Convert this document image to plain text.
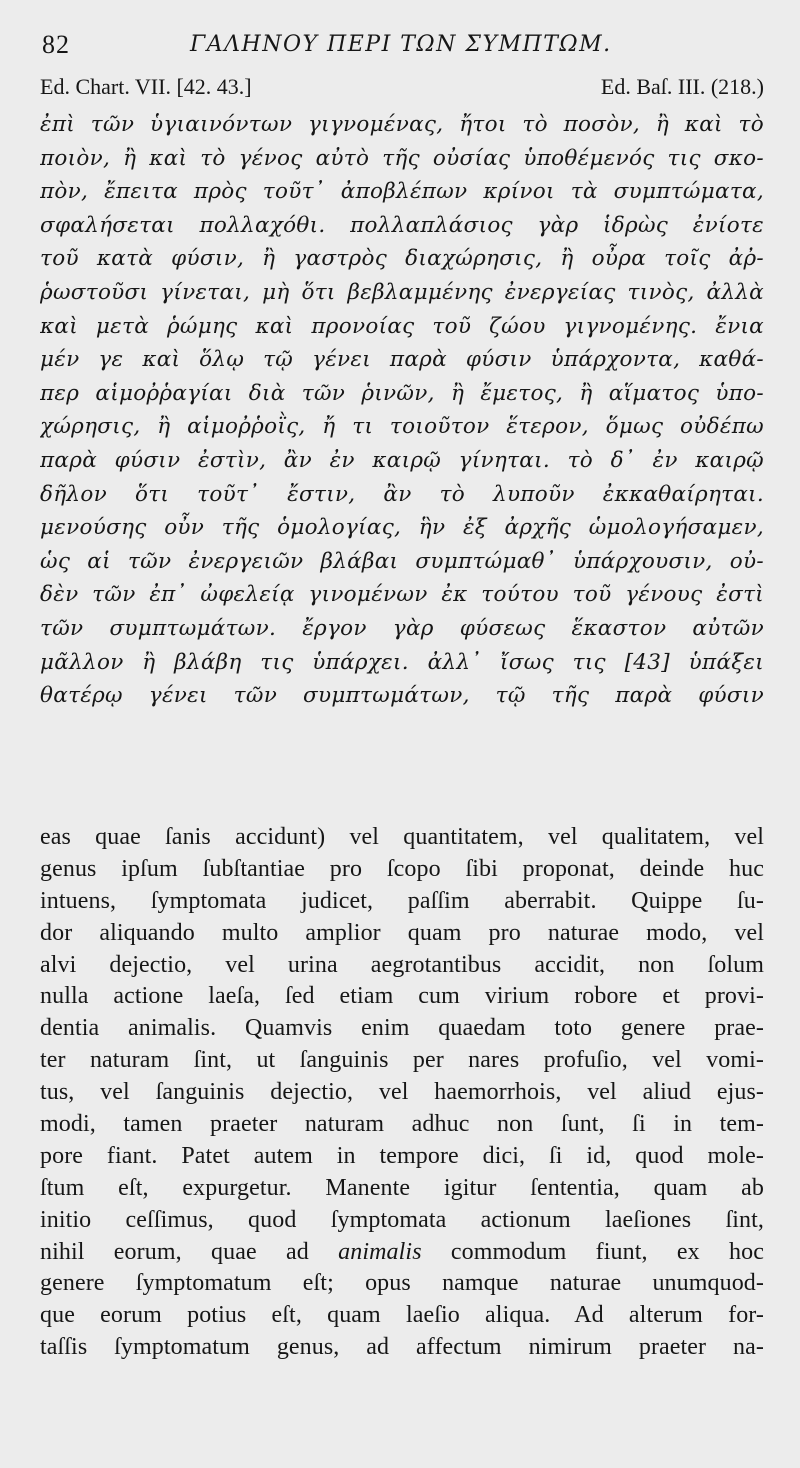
82	ΓΑΛΗΝΟΥ ΠΕΡΙ ΤΩΝ ΣΥΜΠΤΩΜ.
Ed. Chart. VII. [42. 43.]	Ed. Baſ. III. (218.)
ἐπὶ τῶν ὑγιαινόντων γιγνομένας, ἤτοι τὸ ποσὸν, ἢ καὶ τὸ
ποιὸν, ἢ καὶ τὸ γένος αὐτὸ τῆς οὐσίας ὑποθέμενός τις σκο-
πὸν, ἔπειτα πρὸς τοῦτ᾽ ἀποβλέπων κρίνοι τὰ συμπτώματα,
σφαλήσεται πολλαχόθι. πολλαπλάσιος γὰρ ἱδρὼς ἐνίοτε
τοῦ κατὰ φύσιν, ἢ γαστρὸς διαχώρησις, ἢ οὖρα τοῖς ἀῤ-
ῥωστοῦσι γίνεται, μὴ ὅτι βεβλαμμένης ἐνεργείας τινὸς, ἀλλὰ
καὶ μετὰ ῥώμης καὶ προνοίας τοῦ ζώου γιγνομένης. ἔνια
μέν γε καὶ ὅλῳ τῷ γένει παρὰ φύσιν ὑπάρχοντα, καθά-
περ αἱμοῤῥαγίαι διὰ τῶν ῥινῶν, ἢ ἔμετος, ἢ αἵματος ὑπο-
χώρησις, ἢ αἱμοῤῥοῒς, ἤ τι τοιοῦτον ἕτερον, ὅμως οὐδέπω
παρὰ φύσιν ἐστὶν, ἂν ἐν καιρῷ γίνηται. τὸ δ᾽ ἐν καιρῷ
δῆλον ὅτι τοῦτ᾽ ἔστιν, ἂν τὸ λυποῦν ἐκκαθαίρηται.
μενούσης οὖν τῆς ὁμολογίας, ἣν ἐξ ἀρχῆς ὡμολογήσαμεν,
ὡς αἱ τῶν ἐνεργειῶν βλάβαι συμπτώμαθ᾽ ὑπάρχουσιν, οὐ-
δὲν τῶν ἐπ᾽ ὠφελείᾳ γινομένων ἐκ τούτου τοῦ γένους ἐστὶ
τῶν συμπτωμάτων. ἔργον γὰρ φύσεως ἕκαστον αὐτῶν
μᾶλλον ἢ βλάβη τις ὑπάρχει. ἀλλ᾽ ἴσως τις [43] ὑπάξει
θατέρῳ γένει τῶν συμπτωμάτων, τῷ τῆς παρὰ φύσιν
eas quae ſanis accidunt) vel quantitatem, vel qualitatem, vel
genus ipſum ſubſtantiae pro ſcopo ſibi proponat, deinde huc
intuens, ſymptomata judicet, paſſim aberrabit. Quippe ſu-
dor aliquando multo amplior quam pro naturae modo, vel
alvi dejectio, vel urina aegrotantibus accidit, non ſolum
nulla actione laeſa, ſed etiam cum virium robore et provi-
dentia animalis. Quamvis enim quaedam toto genere prae-
ter naturam ſint, ut ſanguinis per nares profuſio, vel vomi-
tus, vel ſanguinis dejectio, vel haemorrhois, vel aliud ejus-
modi, tamen praeter naturam adhuc non ſunt, ſi in tem-
pore fiant. Patet autem in tempore dici, ſi id, quod mole-
ſtum eſt, expurgetur. Manente igitur ſententia, quam ab
initio ceſſimus, quod ſymptomata actionum laeſiones ſint,
nihil eorum, quae ad animalis commodum fiunt, ex hoc
genere ſymptomatum eſt; opus namque naturae unumquod-
que eorum potius eſt, quam laeſio aliqua. Ad alterum for-
taſſis ſymptomatum genus, ad affectum nimirum praeter na-
